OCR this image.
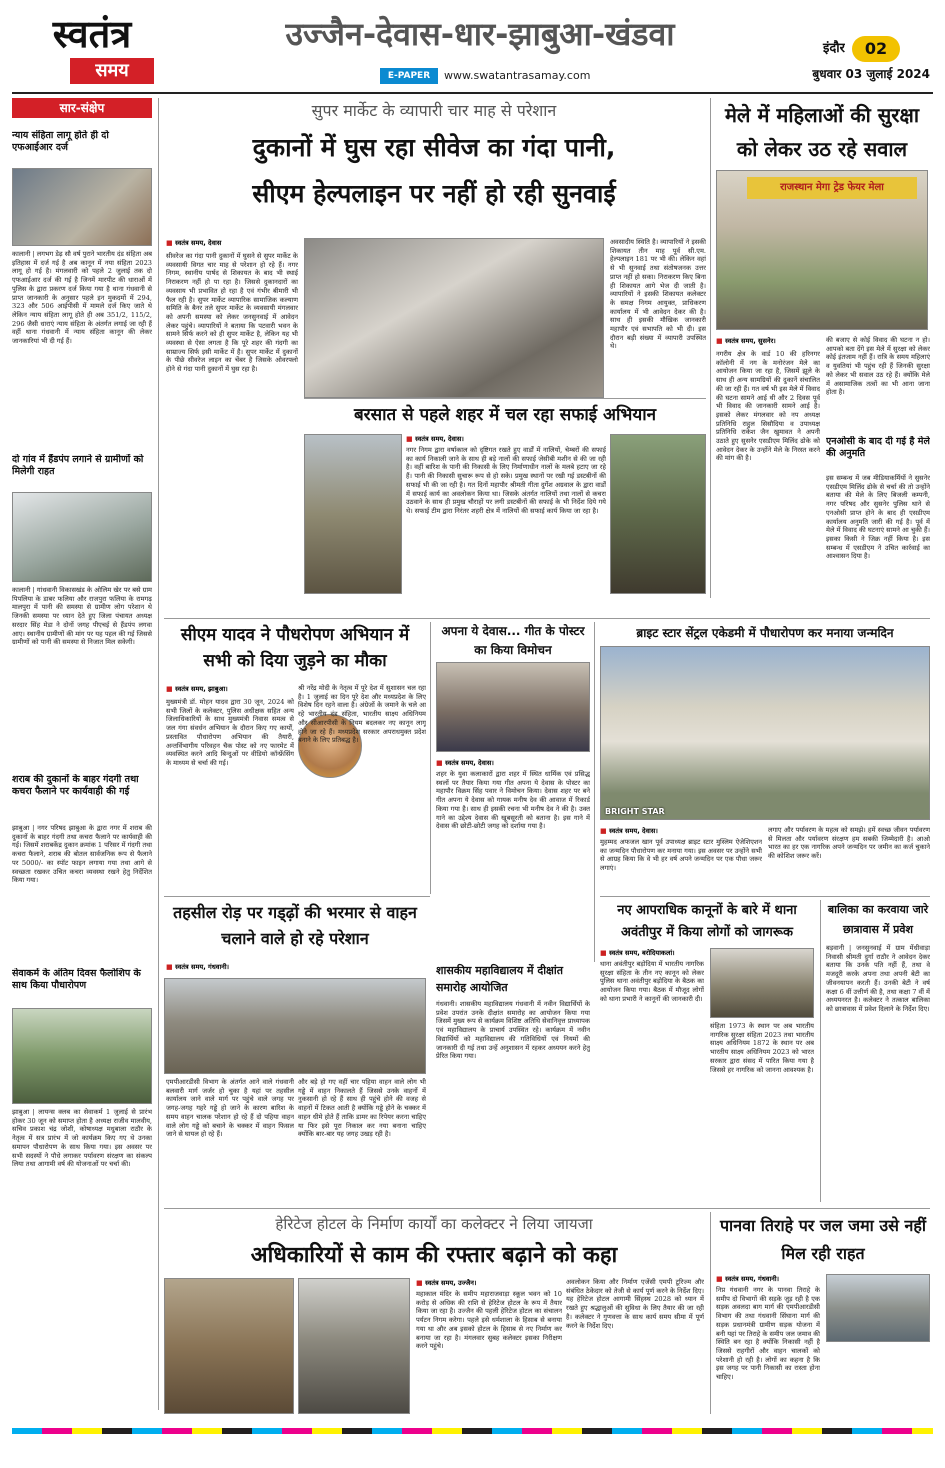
स्वतंत्र
समय
उज्जैन-देवास-धार-झाबुआ-खंडवा
E-PAPER	www.swatantrasamay.com
इंदौर	02
बुधवार 03 जुलाई 2024
सार-संक्षेप
न्याय संहिता लागू होते ही दो एफआईआर दर्ज
कालानी | लगभग डेढ़ सौ वर्ष पुराने भारतीय दंड संहिता अब इतिहास में दर्ज गई है अब कानून में नया संहिता 2023 लागू हो गई है। मंगलवारी को पहले 2 जुलाई तक दो एफआईआर दर्ज की गई है जिनमें मारपीट की धाराओं में पुलिस के द्वारा प्रकरण दर्ज किया गया है थाना गंधवानी से प्राप्त जानकारी के अनुसार पहले इन मुकदमों में 294, 323 और 506 आईपीसी में मामले दर्ज किए जाते थे लेकिन न्याय संहिता लागू होते ही अब 351/2, 115/2, 296 जैसी धाराएं न्याय संहिता के अंतर्गत लगाई जा रही हैं वहीं थाना गंधवानी में न्याय संहिता कानून की लेकर जानकारियां भी दी गई हैं।
दो गांव में हैंडपंप लगाने से ग्रामीणों को मिलेगी राहत
कालानी | गांधवानी विकासखंड के ओलिम खेर पर बसे ग्राम पिपलिया के डाबर फलिया और राजपुरा फलिया के रामगढ़ मालपुरा में पानी की समस्या से ग्रामीण लोग परेशान थे जिनकी समस्या पर ध्यान देते हुए जिला पंचायत अध्यक्ष सरदार सिंह मेडा ने दोनों जगह पीएचई से हैंडपंप लगवा आए। स्थानीय ग्रामीणों की मांग पर यह पहल की गई जिससे ग्रामीणों को पानी की समस्या से निजात मिल सकेगी।
शराब की दुकानों के बाहर गंदगी तथा कचरा फैलाने पर कार्यवाही की गई
झाबुआ | नगर परिषद झाबुआ के द्वारा नगर में शराब की दुकानों के बाहर गंदगी तथा कचरा फैलाने पर कार्यवाही की गई। जिसमें शराबकेंद्र दुकान क्रमांक 1 परिसर में गंदगी तथा कचरा फैलाने, शराब की बोतल सार्वजनिक रूप से फैलाने पर 5000/- का स्पॉट फाइन लगाया गया तथा आगे से स्वच्छता रखकर उचित कचरा व्यवस्था रखने हेतु निर्देशित किया गया।
सेवाकर्म के अंतिम दिवस फैलोशिप के साथ किया पौधारोपण
झाबुआ | लायन्स क्लब का सेवाकर्म 1 जुलाई से प्रारंभ होकर 30 जून को समाप्त होता है अध्यक्ष राजीव मालवीय, सचिव प्रकाश चंद्र जोशी, कोषाध्यक्ष मधुबाला राठौर के नेतृत्व में सत्र प्रारंभ में जो कार्यक्रम किए गए थे उनका समापन पौधारोपण के साथ किया गया। इस अवसर पर सभी सदस्यों ने पौधे लगाकर पर्यावरण संरक्षण का संकल्प लिया तथा आगामी वर्ष की योजनाओं पर चर्चा की।
सुपर मार्केट के व्यापारी चार माह से परेशान
दुकानों में घुस रहा सीवेज का गंदा पानी,
सीएम हेल्पलाइन पर नहीं हो रही सुनवाई
■ स्वतंत्र समय, देवास
सीवरेज का गंदा पानी दुकानों में घुसने से सुपर मार्केट के व्यवसायी विगत चार माह से परेशान हो रहे हैं। नगर निगम, स्थानीय पार्षद से शिकायत के बाद भी स्थाई निराकरण नहीं हो पा रहा है। जिससे दुकानदारों का व्यवसाय भी प्रभावित हो रहा है एवं गंभीर बीमारी भी फैल रही है। सुपर मार्केट व्यापारिक सामाजिक कल्याण समिति के बैनर तले सुपर मार्केट के व्यवसायी मंगलवार को अपनी समस्या को लेकर जनसुनवाई में आवेदन लेकर पहुंचे। व्यापारियों ने बताया कि पटवारी भवन के सामने सिर्फ करने को ही सुपर मार्केट है, लेकिन यह भी व्यवस्था से ऐसा लगता है कि पूरे शहर की गंदगी का साम्राज्य सिर्फ इसी मार्केट में है। सुपर मार्केट में दुकानों के पीछे सीवरेज लाइन का चेंबर है जिसके ओवरफ्लो होने से गंदा पानी दुकानों में घुस रहा है।
अवसादीय स्थिति है। व्यापारियों ने इसकी शिकायत तीन माह पूर्व सी.एम. हेल्पलाइन 181 पर भी की। लेकिन वहां से भी सुनवाई तथा संतोषजनक उत्तर प्राप्त नहीं हो सका। निराकरण किए बिना ही शिकायत आगे भेज दी जाती है। व्यापारियों ने इसकी शिकायत कलेक्टर के समक्ष निगम आयुक्त, प्राधिकरण कार्यालय में भी आवेदन देकर की है। साथ ही इसकी मौखिक जानकारी महापौर एवं सभापति को भी दी। इस दौरान बड़ी संख्या में व्यापारी उपस्थित थे।
मेले में महिलाओं की सुरक्षा को लेकर उठ रहे सवाल
राजस्थान मेगा ट्रेड फेयर मेला
■ स्वतंत्र समय, सुसनेर।
नगरीय क्षेत्र के वार्ड 10 की हरिनगर कॉलोनी में नग के मनोरंजन मेले का आयोजन किया जा रहा है, जिसमें झूले के साथ ही अन्य सामग्रियों की दुकानें संचालित की जा रही हैं। गत वर्ष भी इस मेले में विवाद की घटना सामने आई थी और 2 दिवस पूर्व भी विवाद की जानकारी सामने आई है। इसको लेकर मंगलवार को नप अध्यक्ष प्रतिनिधि राहुल सिसौदिया व उपाध्यक्ष प्रतिनिधि राकेश जैन खुमावत ने अपनी उठाते हुए सुसनेर एसडीएम मिलिंद ढोके को आवेदन देकर के उन्होंने मेले के निरस्त करने की मांग की है।
की बजाए से कोई विवाद की घटना न हो। आपको बता देंगे इस मेले में सुरक्षा को लेकर कोई इंतजाम नहीं हैं। रात्रि के समय महिलाएं व युवतियां भी पहुंच रही हैं जिनकी सुरक्षा को लेकर भी सवाल उठ रहे हैं। क्योंकि मेले में असामाजिक तत्वों का भी आना जाना होता है।
एनओसी के बाद दी गई है मेले की अनुमति
इस सम्बन्ध में जब मीडियाकर्मियों ने सुसनेर एसडीएम मिलिंद ढोके से चर्चा की तो उन्होंने बताया की मेले के लिए बिजली कम्पनी, नगर परिषद और सुसनेर पुलिस थाने से एनओसी प्राप्त होने के बाद ही एसडीएम कार्यालय अनुमति जारी की गई है। पूर्व में मेले में विवाद की घटनाएं सामने आ चुकी हैं। इसका किसी ने जिक्र नहीं किया है। इस सम्बन्ध में एसडीएम ने उचित कार्रवाई का आश्वासन दिया है।
बरसात से पहले शहर में चल रहा सफाई अभियान
■ स्वतंत्र समय, देवास।
नगर निगम द्वारा वर्षाकाल को दृष्टिगत रखते हुए वार्डों में नालियों, चेम्बरों की सफाई का कार्य निकाली जाने के साथ ही बड़े नालों की सफाई जेसीबी मशीन से की जा रही है। वहीं बारिश के पानी की निकासी के लिए निर्माणाधीन नालों के मलबे हटाए जा रहे हैं। पानी की निकासी सुचारू रूप से हो सके। प्रमुख स्थानों पर रखी गई डस्टबीनों की सफाई भी की जा रही है। गत दिनों महापौर श्रीमती गीता दुर्गेश अग्रवाल के द्वारा वार्डों में सफाई कार्य का अवलोकन किया था। जिसके अंतर्गत नालियों तथा नालों से कचरा उठवाने के साथ ही प्रमुख चौराहों पर लगी डस्टबीनों की सफाई के भी निर्देश दिये गये थे। सफाई टीम द्वारा निरंतर शहरी क्षेत्र में नालियों की सफाई कार्य किया जा रहा है।
सीएम यादव ने पौधरोपण अभियान में सभी को दिया जुड़ने का मौका
■ स्वतंत्र समय, झाबुआ।
मुख्यमंत्री डॉ. मोहन यादव द्वारा 30 जून, 2024 को सभी जिलों के कलेक्टर, पुलिस अधीक्षक सहित अन्य जिलाधिकारियों के साथ मुख्यमंत्री निवास समत्व से जल गंगा संवर्धन अभियान के दौरान किए गए कार्यों, प्रस्तावित पौधारोपण अभियान की तैयारी, अन्तर्विभागीय परिवहन चैक पोस्ट को नए फारमेट में व्यवस्थित करने आदि बिन्दुओं पर वीडियो कॉन्फ्रेंसिंग के माध्यम से चर्चा की गई।
श्री नरेंद्र मोदी के नेतृत्व में पूरे देश में सुशासन चल रहा है। 1 जुलाई का दिन पूरे देश और मध्यप्रदेश के लिए विशेष दिन रहने वाला है। अंग्रेजों के जमाने के चले आ रहे भारतीय दंड संहिता, भारतीय साक्ष्य अधिनियम और सीआरपीसी के नियम बदलकर नए कानून लागू होने जा रहे हैं। मध्यप्रदेश सरकार अपराधमुक्त प्रदेश बनाने के लिए प्रतिबद्ध है।
अपना ये देवास... गीत के पोस्टर का किया विमोचन
■ स्वतंत्र समय, देवास।
शहर के युवा कलाकारों द्वारा शहर में स्थित धार्मिक एवं प्रसिद्ध स्थलों पर तैयार किया गया गीत अपना ये देवास के पोस्टर का महापौर विक्रम सिंह पवार ने विमोचन किया। देवास शहर पर बने गीत अपना ये देवास को गायक मनीष देव की आवाज में रिकार्ड किया गया है। साथ ही इसकी रचना भी मनीष देव ने की है। उक्त गाने का उद्देश्य देवास की खूबसूरती को बताना है। इस गाने में देवास की छोटी-छोटी जगह को दर्शाया गया है।
ब्राइट स्टार सेंट्रल एकेडमी में पौधारोपण कर मनाया जन्मदिन
BRIGHT STAR
■ स्वतंत्र समय, देवास।
मुहम्मद अफजल खान पूर्व उपाध्यक्ष ब्राइट स्टार मुस्लिम ऐजेशिएशन का जन्मदिन पौधारोपण कर मनाया गया। इस अवसर पर उन्होंने सभी से आग्रह किया कि वे भी हर वर्ष अपने जन्मदिन पर एक पौधा जरूर लगाएं।
लगाए और पर्यावरण के महत्व को समझे। हमें स्वच्छ जीवन पर्यावरण से मिलता और पर्यावरण संरक्षण हम सबकी जिम्मेदारी है। आओ भारत का हर एक नागरिक अपने जन्मदिन पर जमीन का कर्ज चुकाने की कोशिश जरूर करें।
तहसील रोड़ पर गड्ढ़ों की भरमार से वाहन चलाने वाले हो रहे परेशान
■ स्वतंत्र समय, गंधवानी।
एमपीआरडीसी विभाग के अंतर्गत आने वाले गंधवानी बलवारी मार्ग जर्जर हो चुका है यहां पर तहसील कार्यालय जाने वाले मार्ग पर पहुंचे वाले जगह पर जगह-जगह गहरे गड्ढे हो जाने के कारण बारिश के समय वाहन चालक परेशान हो रहे हैं दो पहिया वाहन वाले लोग गड्ढे को बचाने के चक्कर में वाहन फिसल जाने से घायल हो रहे हैं।
और बड़े हो गए वहीं चार पहिया वाहन वाले लोग भी गड्ढे में वाहन निकालते हैं जिससे उनके वाहनों में नुकसानी हो रहे हैं साथ ही पहुंचे होने की वजह से वाहनों में टिकत आती है क्योंकि गड्ढे होने के चक्कर में वाहन धीमे होते हैं ताकि डामर का रिपेयर करना चाहिए या फिर इसे पूरा निकाल कर नया बनाना चाहिए क्योंकि बार-बार यह जगह उखड़ रही है।
शासकीय महाविद्यालय में दीक्षांत समारोह आयोजित
गंधवानी। शासकीय महाविद्यालय गंधवानी में नवीन विद्यार्थियों के प्रवेश उपरांत उनके दीक्षांत समारोह का आयोजन किया गया जिसमें मुख्य रूप से कार्यक्रम विशिष्ट अतिथि सेवानिवृत्त प्राध्यापक एवं महाविद्यालय के प्राचार्य उपस्थित रहे। कार्यक्रम में नवीन विद्यार्थियों को महाविद्यालय की गतिविधियों एवं नियमों की जानकारी दी गई तथा उन्हें अनुशासन में रहकर अध्ययन करने हेतु प्रेरित किया गया।
नए आपराधिक कानूनों के बारे में थाना अवंतीपुर में किया लोगों को जागरूक
■ स्वतंत्र समय, बरोदियाकलां।
थाना अवंतीपुर बड़ोदिया में भारतीय नागरिक सुरक्षा संहिता के तीन नए कानून को लेकर पुलिस थाना अवंतीपुर बड़ोदिया के बैठक का आयोजन किया गया। बैठक में मौजूद लोगों को थाना प्रभारी ने कानूनों की जानकारी दी।
संहिता 1973 के स्थान पर अब भारतीय नागरिक सुरक्षा संहिता 2023 तथा भारतीय साक्ष्य अधिनियम 1872 के स्थान पर अब भारतीय साक्ष्य अधिनियम 2023 को भारत सरकार द्वारा संसद में पारित किया गया है जिससे हर नागरिक को जानना आवश्यक है।
बालिका का करवाया जारे छात्रावास में प्रवेश
बड़वानी | जनसुनवाई में ग्राम मेंधीवाड़ा निवासी श्रीमती दुर्गा राठौर ने आवेदन देकर बताया कि उनके पति नहीं हैं, तथा वे मजदूरी करके अपना तथा अपनी बेटी का जीवनयापन करती हैं। उनकी बेटी ने वर्ष कक्षा 6 वीं उत्तीर्ण की है, तथा कक्षा 7 वीं में अध्ययनरत है। कलेक्टर ने तत्काल बालिका को छात्रावास में प्रवेश दिलाने के निर्देश दिए।
हेरिटेज होटल के निर्माण कार्यों का कलेक्टर ने लिया जायजा
अधिकारियों से काम की रफ्तार बढ़ाने को कहा
■ स्वतंत्र समय, उज्जैन।
महाकाल मंदिर के समीप महाराजवाड़ा स्कूल भवन को 10 करोड़ से अधिक की राशि से हेरिटेज होटल के रूप में तैयार किया जा रहा है। उज्जैन की पहली हेरिटेज होटल का संचालन पर्यटन निगम करेगा। पहले इसे धर्मशाला के हिसाब से बनाया गया था और अब इसको होटल के हिसाब से नए निर्माण कर बनाया जा रहा है। मंगलवार सुबह कलेक्टर इसका निरीक्षण करने पहुंचे।
अवलोकन किया और निर्माण एजेंसी एमपी टूरिज्म और संबंधित ठेकेदार को तेजी से कार्य पूर्ण करने के निर्देश दिए। यह हेरिटेज होटल आगामी सिंहस्थ 2028 को ध्यान में रखते हुए श्रद्धालुओं की सुविधा के लिए तैयार की जा रही है। कलेक्टर ने गुणवत्ता के साथ कार्य समय सीमा में पूर्ण करने के निर्देश दिए।
पानवा तिराहे पर जल जमा उसे नहीं मिल रही राहत
■ स्वतंत्र समय, गंधवानी।
निप्र गंधवानी नगर के पानवा तिराहे के समीप दो विभागों की सड़के जुड़ रही है एक सड़क अवलदा बाग मार्ग की एमपीआरडीसी विभाग की तथा गंधवानी सिंघाना मार्ग की सड़क प्रधानमंत्री ग्रामीण सड़क योजना में बनी यहां पर तिराहे के समीप जल जमाव की स्थिति बन रहा है क्योंकि निकासी नहीं है जिससे राहगीरों और वाहन चालकों को परेशानी हो रही है। लोगों का कहना है कि इस जगह पर पानी निकासी का रास्ता होना चाहिए।
